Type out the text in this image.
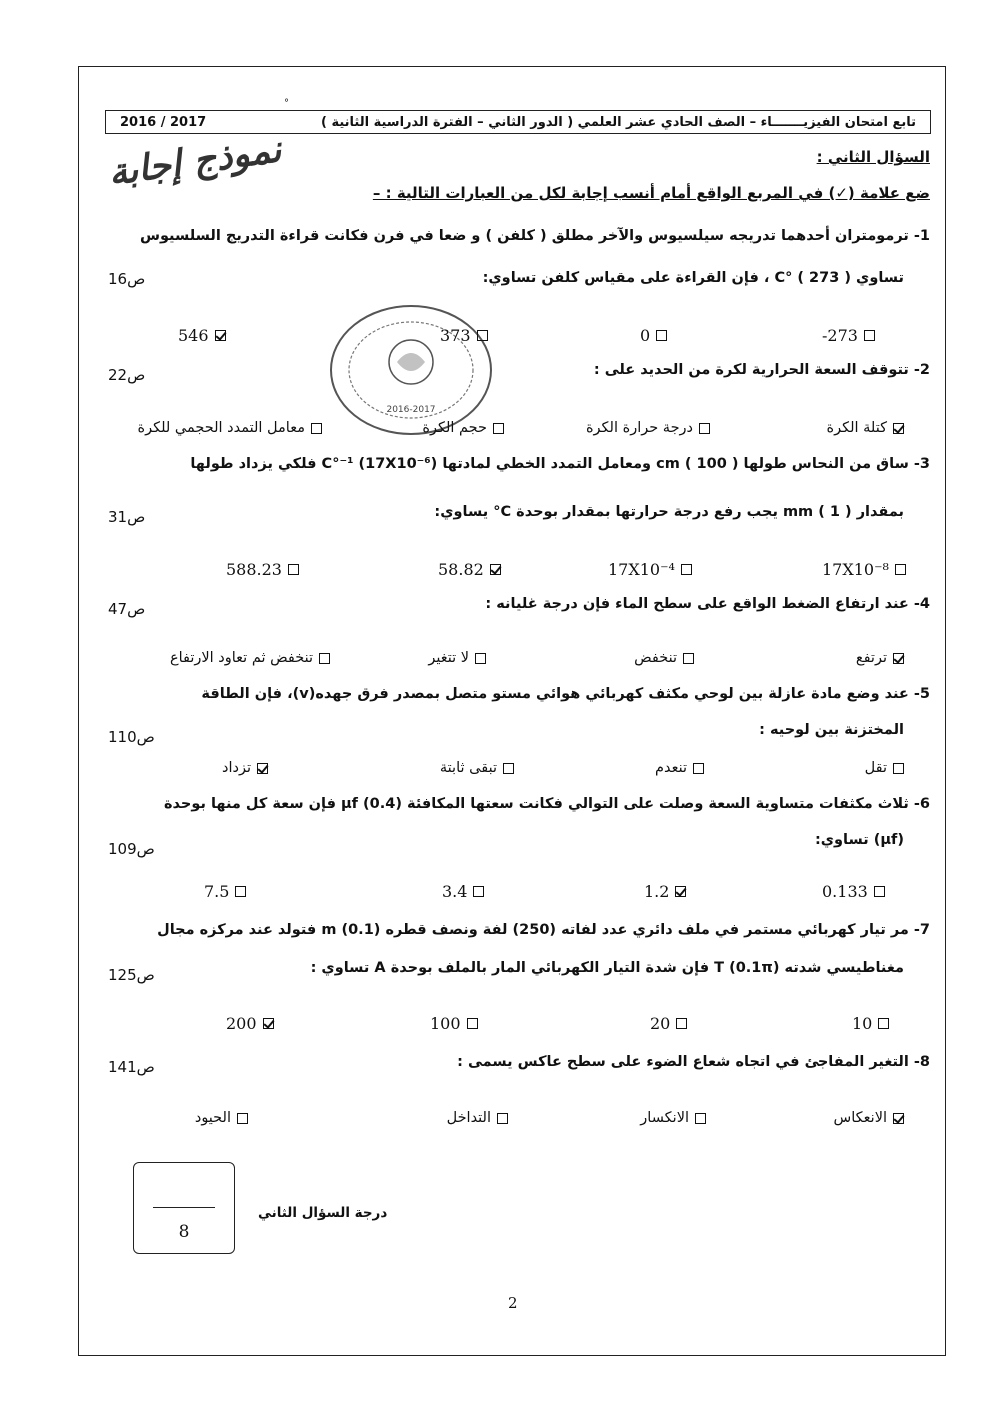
°
تابع امتحان الفيزيـــــــاء – الصف الحادي عشر العلمي ( الدور الثاني – الفترة الدراسية الثانية )
2016 / 2017
نموذج إجابة
2016-2017
السؤال الثاني :
ضع علامة (✓) في المربع الواقع أمام أنسب إجابة لكل من العبارات التالية : –
1- ترمومتران أحدهما تدريجه سيلسيوس والآخر مطلق ( كلفن ) و ضعا في فرن فكانت قراءة التدريج السلسيوس
تساوي C° ( 273 ) ، فإن القراءة على مقياس كلفن تساوي:
ص16
-273
0
373
546
2- تتوقف السعة الحرارية لكرة من الحديد على :
ص22
كتلة الكرة
درجة حرارة الكرة
حجم الكرة
معامل التمدد الحجمي للكرة
3- ساق من النحاس طولها cm ( 100 ) ومعامل التمدد الخطي لمادتها C°⁻¹ (17X10⁻⁶) فلكي يزداد طولها
بمقدار mm ( 1 ) يجب رفع درجة حرارتها بمقدار بوحدة C° يساوي:
ص31
17X10⁻⁸
17X10⁻⁴
58.82
588.23
4- عند ارتفاع الضغط الواقع على سطح الماء فإن درجة غليانه :
ص47
ترتفع
تنخفض
لا تتغير
تنخفض ثم تعاود الارتفاع
5- عند وضع مادة عازلة بين لوحي مكثف كهربائي هوائي مستو متصل بمصدر فرق جهده(v)، فإن الطاقة
المختزنة بين لوحيه :
ص110
تقل
تنعدم
تبقى ثابتة
تزداد
6- ثلاث مكثفات متساوية السعة وصلت على التوالي فكانت سعتها المكافئة μf (0.4) فإن سعة كل منها بوحدة
(μf) تساوي:
ص109
0.133
1.2
3.4
7.5
7- مر تيار كهربائي مستمر في ملف دائري عدد لفاته (250) لفة ونصف قطره m (0.1) فتولد عند مركزه مجال
مغناطيسي شدته T (0.1π) فإن شدة التيار الكهربائي المار بالملف بوحدة A تساوي :
ص125
10
20
100
200
8- التغير المفاجئ في اتجاه شعاع الضوء على سطح عاكس يسمى :
ص141
الانعكاس
الانكسار
التداخل
الحيود
8
درجة السؤال الثاني
2
